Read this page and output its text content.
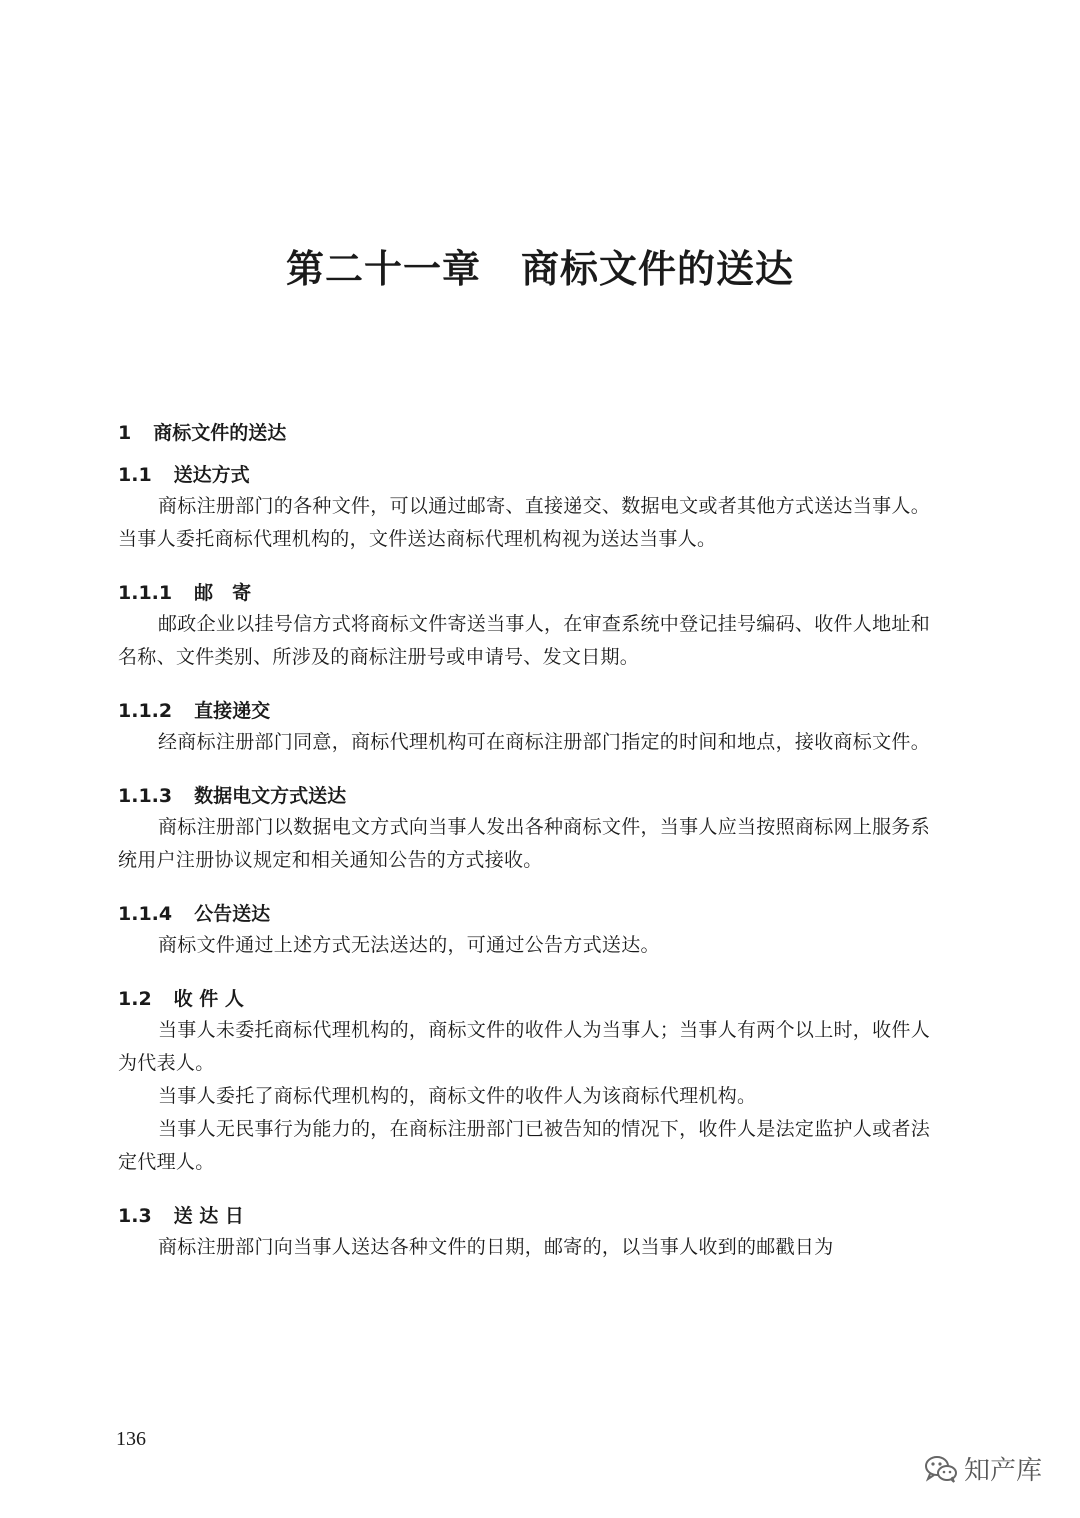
第二十一章 商标文件的送达
1 商标文件的送达
1.1 送达方式

商标注册部门的各种文件，可以通过邮寄、直接递交、数据电文或者其他方式送达当事人。当事人委托商标代理机构的，文件送达商标代理机构视为送达当事人。

1.1.1 邮　寄

邮政企业以挂号信方式将商标文件寄送当事人，在审查系统中登记挂号编码、收件人地址和名称、文件类别、所涉及的商标注册号或申请号、发文日期。

1.1.2 直接递交

经商标注册部门同意，商标代理机构可在商标注册部门指定的时间和地点，接收商标文件。

1.1.3 数据电文方式送达

商标注册部门以数据电文方式向当事人发出各种商标文件，当事人应当按照商标网上服务系统用户注册协议规定和相关通知公告的方式接收。

1.1.4 公告送达

商标文件通过上述方式无法送达的，可通过公告方式送达。

1.2 收 件 人

当事人未委托商标代理机构的，商标文件的收件人为当事人；当事人有两个以上时，收件人为代表人。

当事人委托了商标代理机构的，商标文件的收件人为该商标代理机构。

当事人无民事行为能力的，在商标注册部门已被告知的情况下，收件人是法定监护人或者法定代理人。

1.3 送 达 日

商标注册部门向当事人送达各种文件的日期，邮寄的，以当事人收到的邮戳日为

136
知产库
